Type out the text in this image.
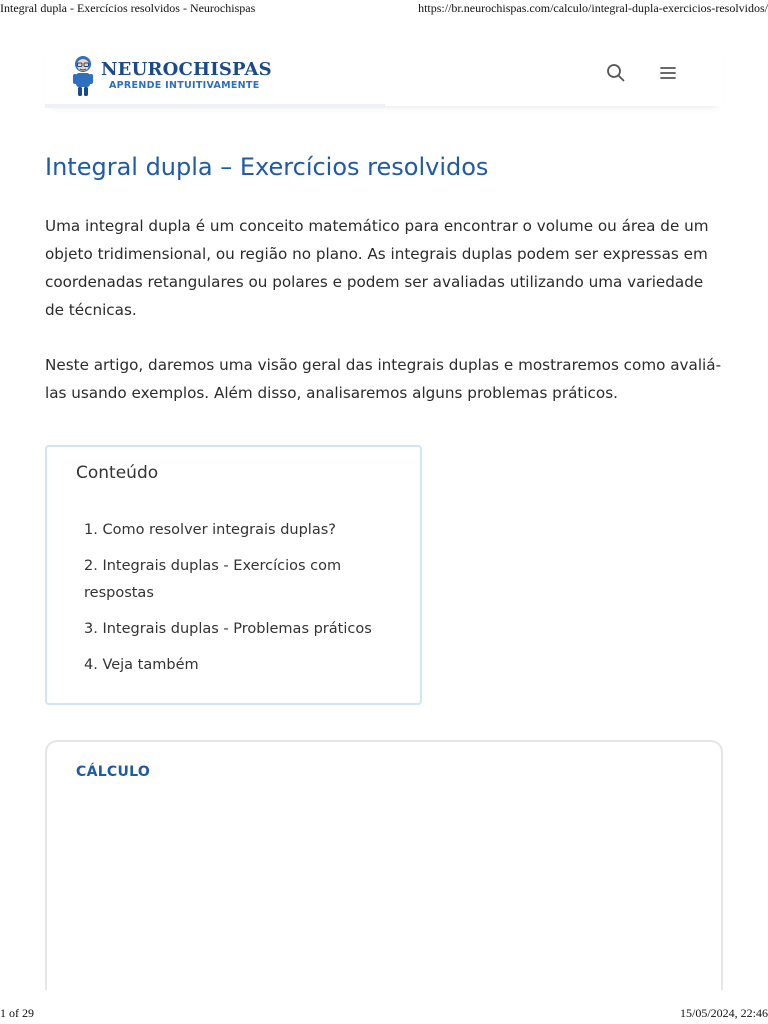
Integral dupla - Exercícios resolvidos - Neurochispas	https://br.neurochispas.com/calculo/integral-dupla-exercicios-resolvidos/
NEUROCHISPAS
APRENDE INTUITIVAMENTE
Integral dupla – Exercícios resolvidos

Uma integral dupla é um conceito matemático para encontrar o volume ou área de um objeto tridimensional, ou região no plano. As integrais duplas podem ser expressas em coordenadas retangulares ou polares e podem ser avaliadas utilizando uma variedade de técnicas.

Neste artigo, daremos uma visão geral das integrais duplas e mostraremos como avaliá-las usando exemplos. Além disso, analisaremos alguns problemas práticos.

Conteúdo
1. Como resolver integrais duplas?
2. Integrais duplas - Exercícios com respostas
3. Integrais duplas - Problemas práticos
4. Veja também
CÁLCULO
1 of 29	15/05/2024, 22:46
